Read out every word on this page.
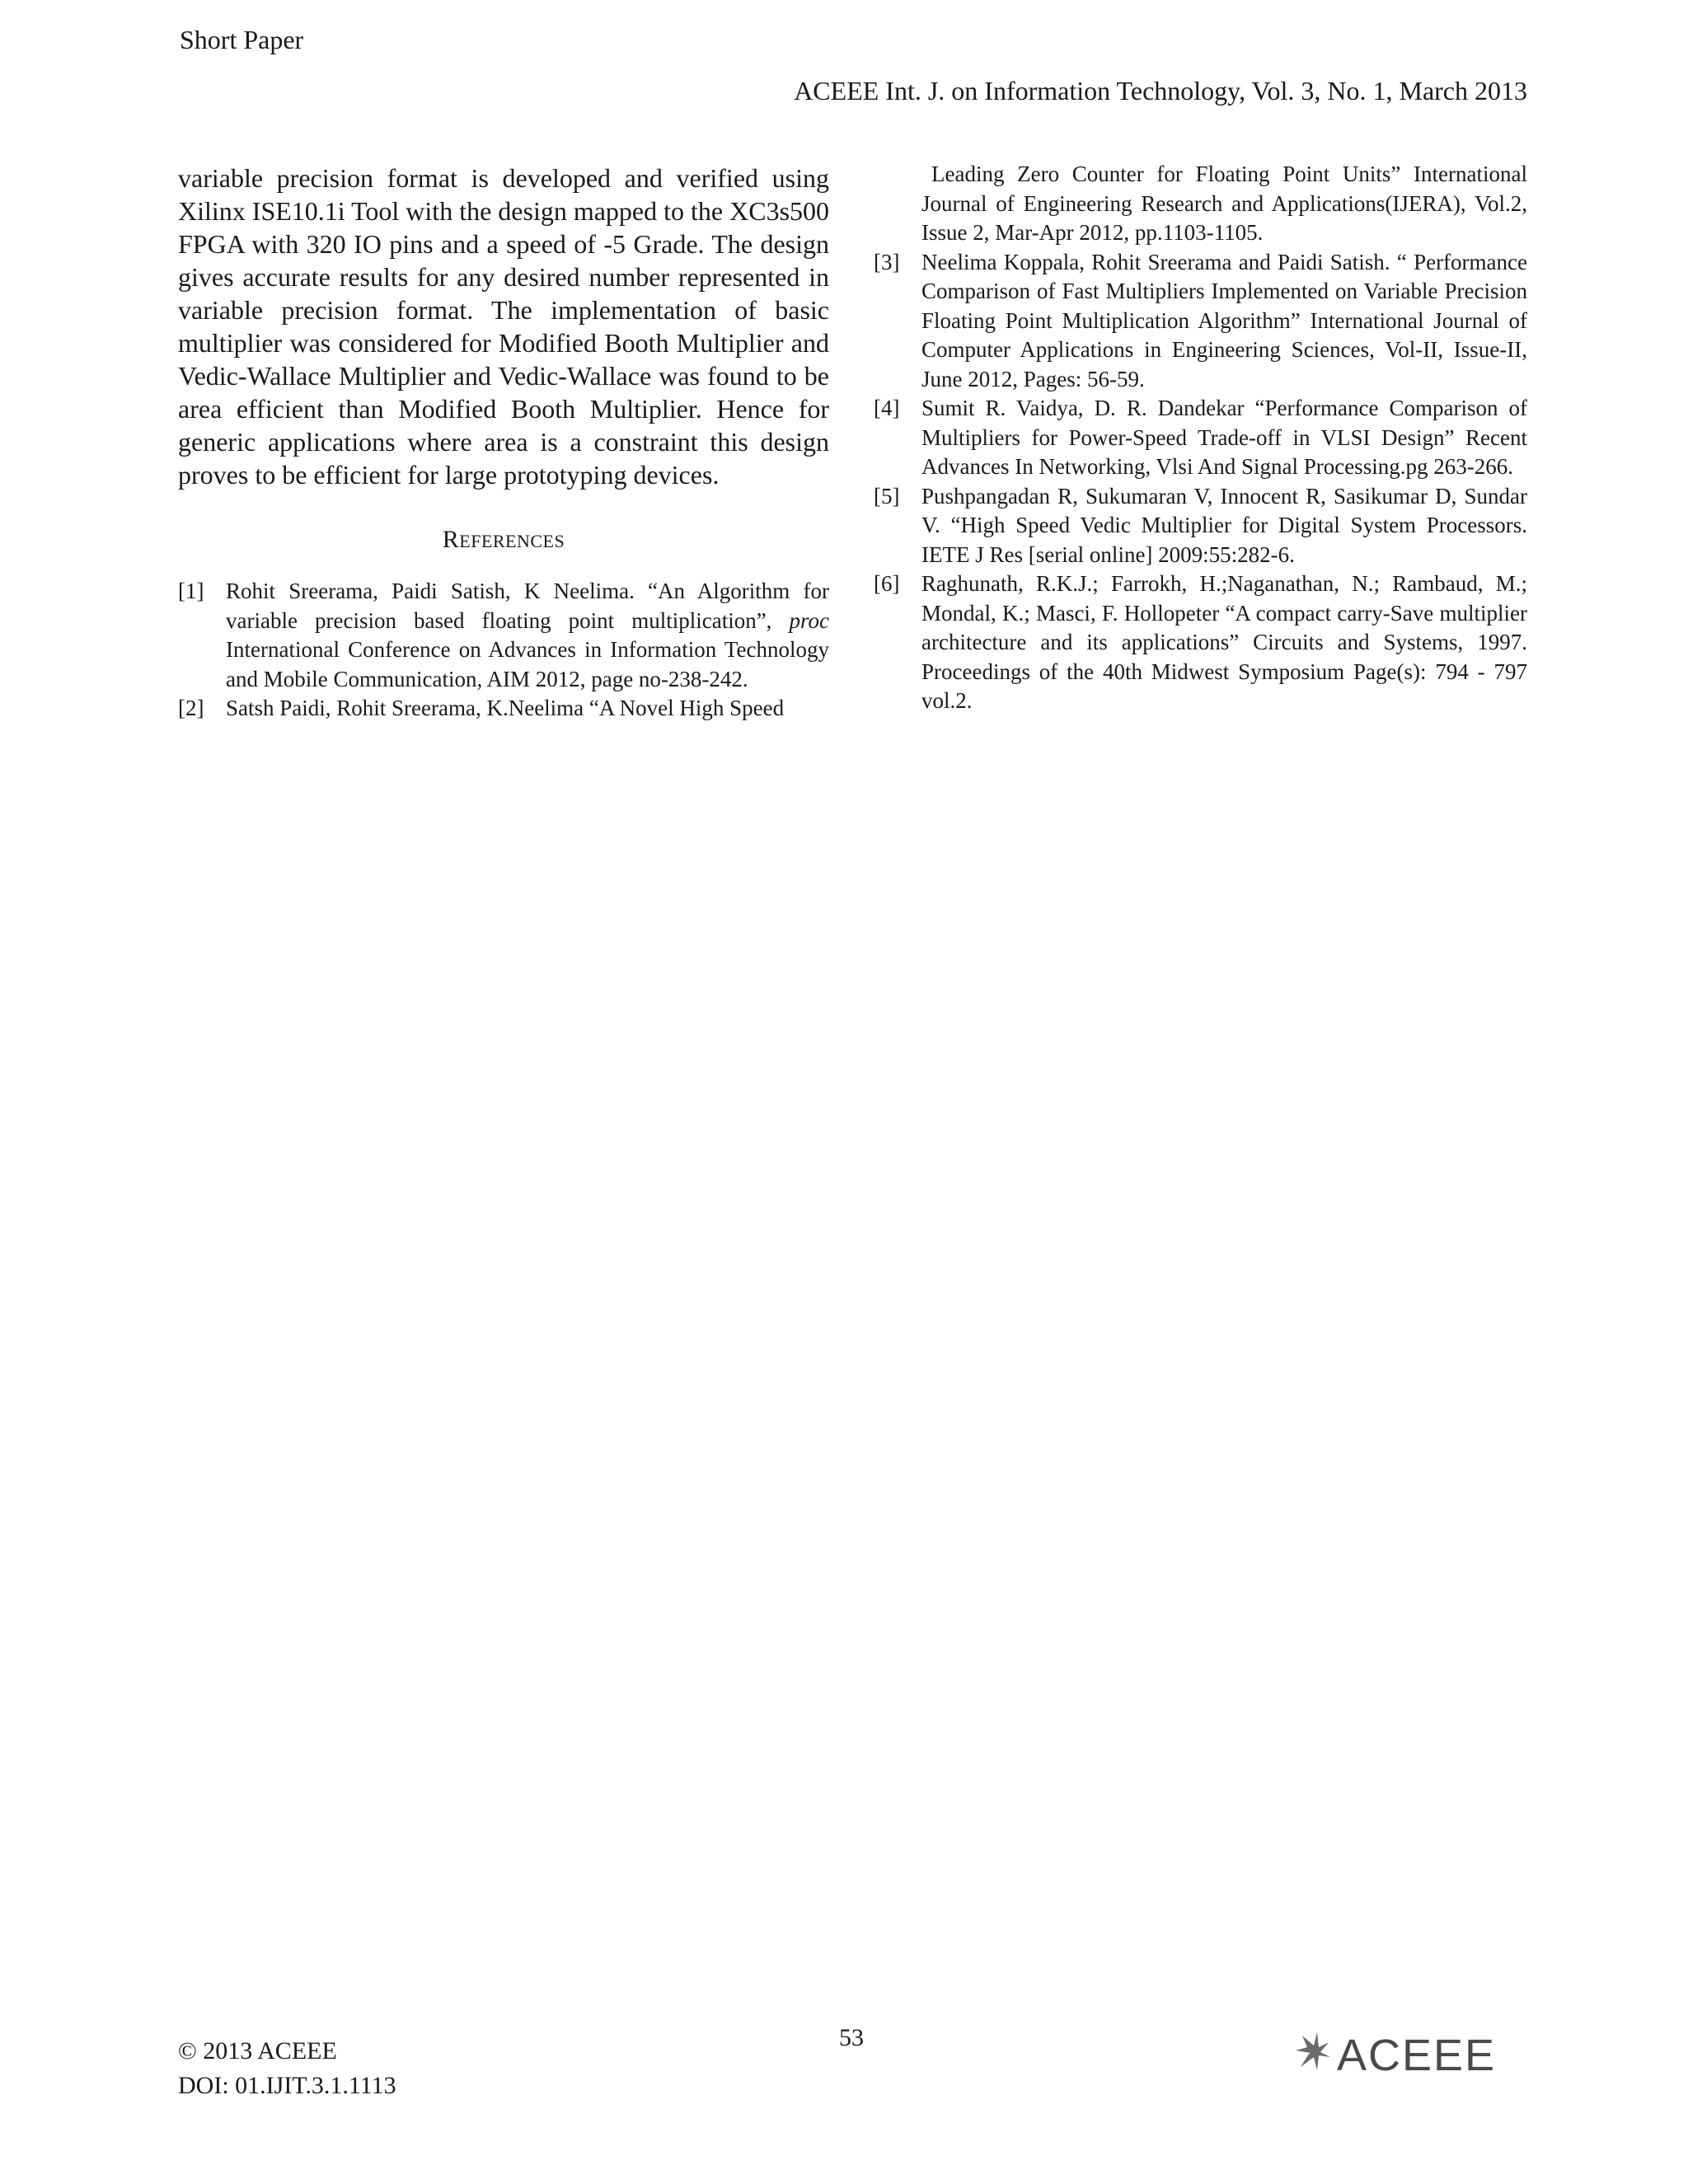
Short Paper
ACEEE Int. J. on Information Technology, Vol. 3, No. 1, March 2013

variable precision format is developed and verified using Xilinx ISE10.1i Tool with the design mapped to the XC3s500 FPGA with 320 IO pins and a speed of -5 Grade. The design gives accurate results for any desired number represented in variable precision format. The implementation of basic multiplier was considered for Modified Booth Multiplier and Vedic-Wallace Multiplier and Vedic-Wallace was found to be area efficient than Modified Booth Multiplier. Hence for generic applications where area is a constraint this design proves to be efficient for large prototyping devices.

REFERENCES

[1] Rohit Sreerama, Paidi Satish, K Neelima. “An Algorithm for variable precision based floating point multiplication”, proc International Conference on Advances in Information Technology and Mobile Communication, AIM 2012, page no-238-242.

[2] Satsh Paidi, Rohit Sreerama, K.Neelima “A Novel High Speed

Leading Zero Counter for Floating Point Units” International Journal of Engineering Research and Applications(IJERA), Vol.2, Issue 2, Mar-Apr 2012, pp.1103-1105.

[3] Neelima Koppala, Rohit Sreerama and Paidi Satish. “ Performance Comparison of Fast Multipliers Implemented on Variable Precision Floating Point Multiplication Algorithm” International Journal of Computer Applications in Engineering Sciences, Vol-II, Issue-II, June 2012, Pages: 56-59.

[4] Sumit R. Vaidya, D. R. Dandekar “Performance Comparison of Multipliers for Power-Speed Trade-off in VLSI Design” Recent Advances In Networking, Vlsi And Signal Processing.pg 263-266.

[5] Pushpangadan R, Sukumaran V, Innocent R, Sasikumar D, Sundar V. “High Speed Vedic Multiplier for Digital System Processors. IETE J Res [serial online] 2009:55:282-6.

[6] Raghunath, R.K.J.; Farrokh, H.;Naganathan, N.; Rambaud, M.; Mondal, K.; Masci, F. Hollopeter “A compact carry-Save multiplier architecture and its applications” Circuits and Systems, 1997. Proceedings of the 40th Midwest Symposium Page(s): 794 - 797 vol.2.

53
© 2013 ACEEE
DOI: 01.IJIT.3.1.1113
ACEEE
